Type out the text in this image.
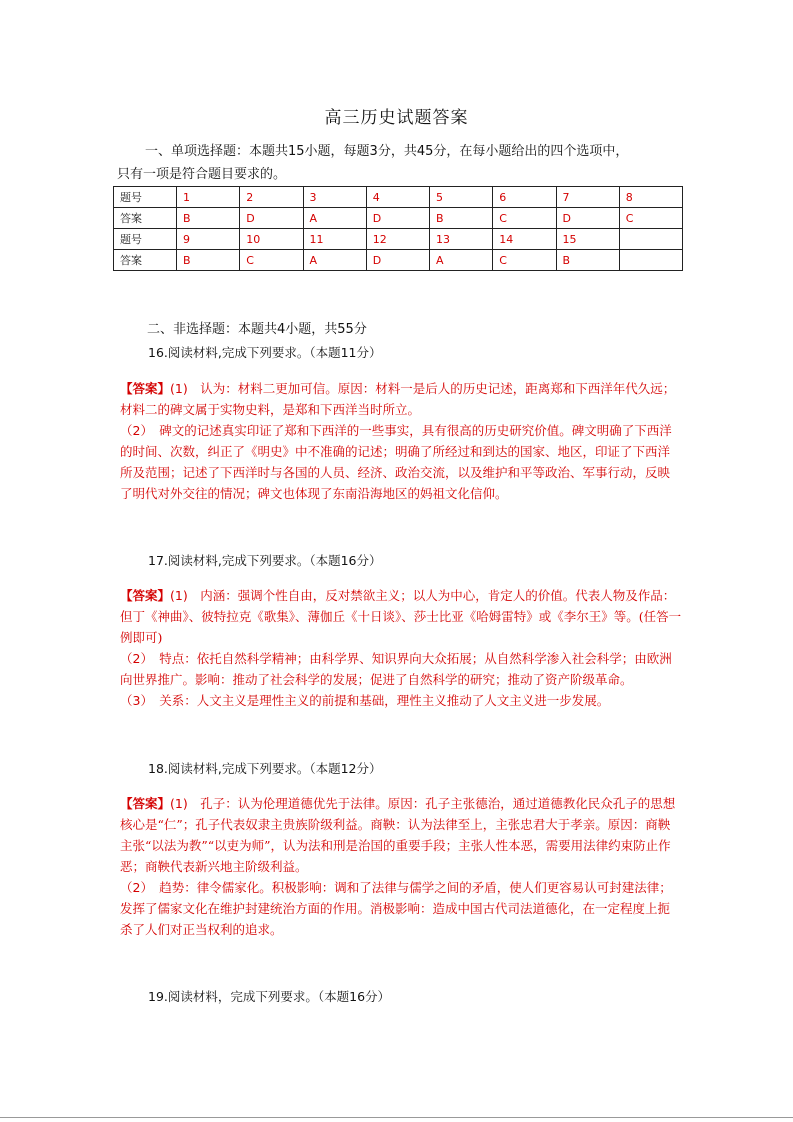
高三历史试题答案
一、单项选择题：本题共15小题，每题3分，共45分，在每小题给出的四个选项中，
只有一项是符合题目要求的。
题号	1	2	3	4	5	6	7	8
答案	B	D	A	D	B	C	D	C
题号	9	10	11	12	13	14	15	
答案	B	C	A	D	A	C	B	
二、非选择题：本题共4小题，共55分
16.阅读材料,完成下列要求。（本题11分）

【答案】(1)　认为：材料二更加可信。原因：材料一是后人的历史记述，距离郑和下西洋年代久远；材料二的碑文属于实物史料，是郑和下西洋当时所立。

（2）　碑文的记述真实印证了郑和下西洋的一些事实，具有很高的历史研究价值。碑文明确了下西洋的时间、次数，纠正了《明史》中不准确的记述；明确了所经过和到达的国家、地区，印证了下西洋所及范围；记述了下西洋时与各国的人员、经济、政治交流，以及维护和平等政治、军事行动，反映了明代对外交往的情况；碑文也体现了东南沿海地区的妈祖文化信仰。

17.阅读材料,完成下列要求。（本题16分）

【答案】(1)　内涵：强调个性自由，反对禁欲主义；以人为中心，肯定人的价值。代表人物及作品：但丁《神曲》、彼特拉克《歌集》、薄伽丘《十日谈》、莎士比亚《哈姆雷特》或《李尔王》等。(任答一例即可)

（2）　特点：依托自然科学精神；由科学界、知识界向大众拓展；从自然科学渗入社会科学；由欧洲向世界推广。影响：推动了社会科学的发展；促进了自然科学的研究；推动了资产阶级革命。

（3）　关系：人文主义是理性主义的前提和基础，理性主义推动了人文主义进一步发展。

18.阅读材料,完成下列要求。（本题12分）

【答案】(1)　孔子：认为伦理道德优先于法律。原因：孔子主张德治，通过道德教化民众孔子的思想核心是“仁”；孔子代表奴隶主贵族阶级利益。商鞅：认为法律至上，主张忠君大于孝亲。原因：商鞅主张“以法为教”“以吏为师”，认为法和刑是治国的重要手段；主张人性本恶，需要用法律约束防止作恶；商鞅代表新兴地主阶级利益。

（2）　趋势：律令儒家化。积极影响：调和了法律与儒学之间的矛盾，使人们更容易认可封建法律；发挥了儒家文化在维护封建统治方面的作用。消极影响：造成中国古代司法道德化，在一定程度上扼杀了人们对正当权利的追求。

19.阅读材料，完成下列要求。（本题16分）
